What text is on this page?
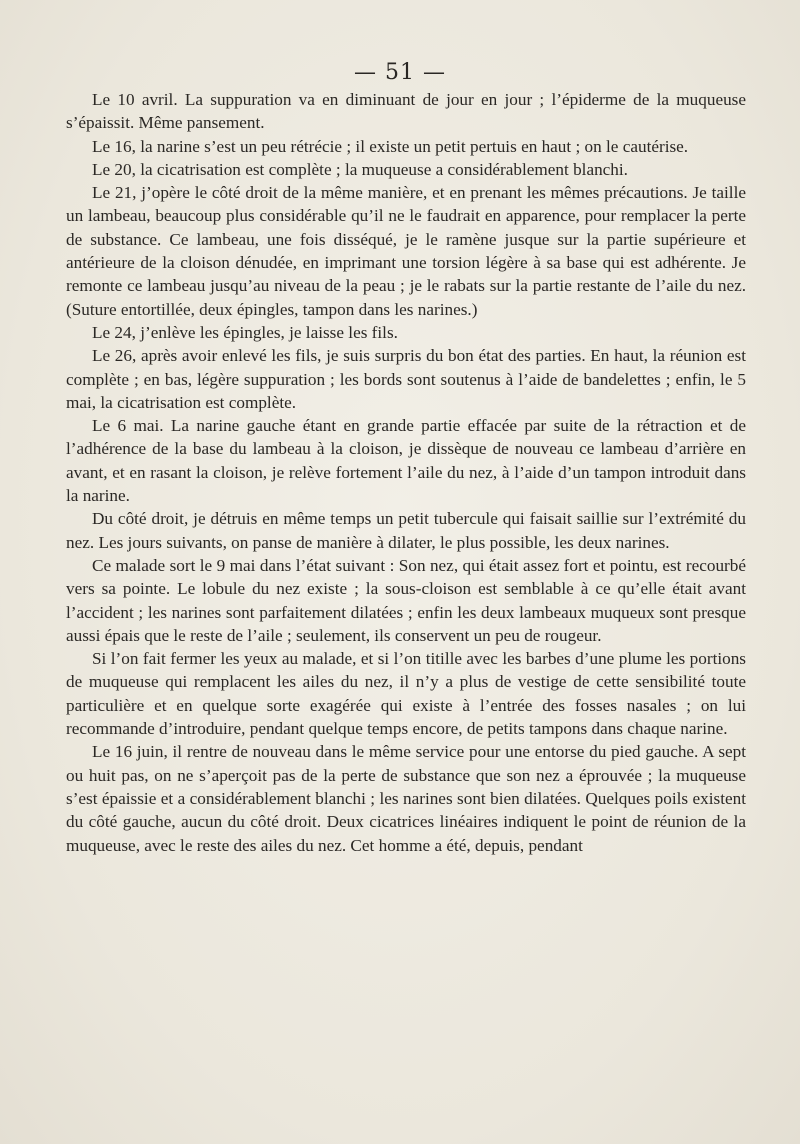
— 51 —

Le 10 avril. La suppuration va en diminuant de jour en jour ; l’épiderme de la muqueuse s’épaissit. Même pansement.

Le 16, la narine s’est un peu rétrécie ; il existe un petit pertuis en haut ; on le cautérise.

Le 20, la cicatrisation est complète ; la muqueuse a considérablement blanchi.

Le 21, j’opère le côté droit de la même manière, et en prenant les mêmes précautions. Je taille un lambeau, beaucoup plus considérable qu’il ne le faudrait en apparence, pour remplacer la perte de substance. Ce lambeau, une fois disséqué, je le ramène jusque sur la partie supérieure et antérieure de la cloison dénudée, en imprimant une torsion légère à sa base qui est adhérente. Je remonte ce lambeau jusqu’au niveau de la peau ; je le rabats sur la partie restante de l’aile du nez. (Suture entortillée, deux épingles, tampon dans les narines.)

Le 24, j’enlève les épingles, je laisse les fils.

Le 26, après avoir enlevé les fils, je suis surpris du bon état des parties. En haut, la réunion est complète ; en bas, légère suppuration ; les bords sont soutenus à l’aide de bandelettes ; enfin, le 5 mai, la cicatrisation est complète.

Le 6 mai. La narine gauche étant en grande partie effacée par suite de la rétraction et de l’adhérence de la base du lambeau à la cloison, je dissèque de nouveau ce lambeau d’arrière en avant, et en rasant la cloison, je relève fortement l’aile du nez, à l’aide d’un tampon introduit dans la narine.

Du côté droit, je détruis en même temps un petit tubercule qui faisait saillie sur l’extrémité du nez. Les jours suivants, on panse de manière à dilater, le plus possible, les deux narines.

Ce malade sort le 9 mai dans l’état suivant : Son nez, qui était assez fort et pointu, est recourbé vers sa pointe. Le lobule du nez existe ; la sous-cloison est semblable à ce qu’elle était avant l’accident ; les narines sont parfaitement dilatées ; enfin les deux lambeaux muqueux sont presque aussi épais que le reste de l’aile ; seulement, ils conservent un peu de rougeur.

Si l’on fait fermer les yeux au malade, et si l’on titille avec les barbes d’une plume les portions de muqueuse qui remplacent les ailes du nez, il n’y a plus de vestige de cette sensibilité toute particulière et en quelque sorte exagérée qui existe à l’entrée des fosses nasales ; on lui recommande d’introduire, pendant quelque temps encore, de petits tampons dans chaque narine.

Le 16 juin, il rentre de nouveau dans le même service pour une entorse du pied gauche. A sept ou huit pas, on ne s’aperçoit pas de la perte de substance que son nez a éprouvée ; la muqueuse s’est épaissie et a considérablement blanchi ; les narines sont bien dilatées. Quelques poils existent du côté gauche, aucun du côté droit. Deux cicatrices linéaires indiquent le point de réunion de la muqueuse, avec le reste des ailes du nez. Cet homme a été, depuis, pendant
